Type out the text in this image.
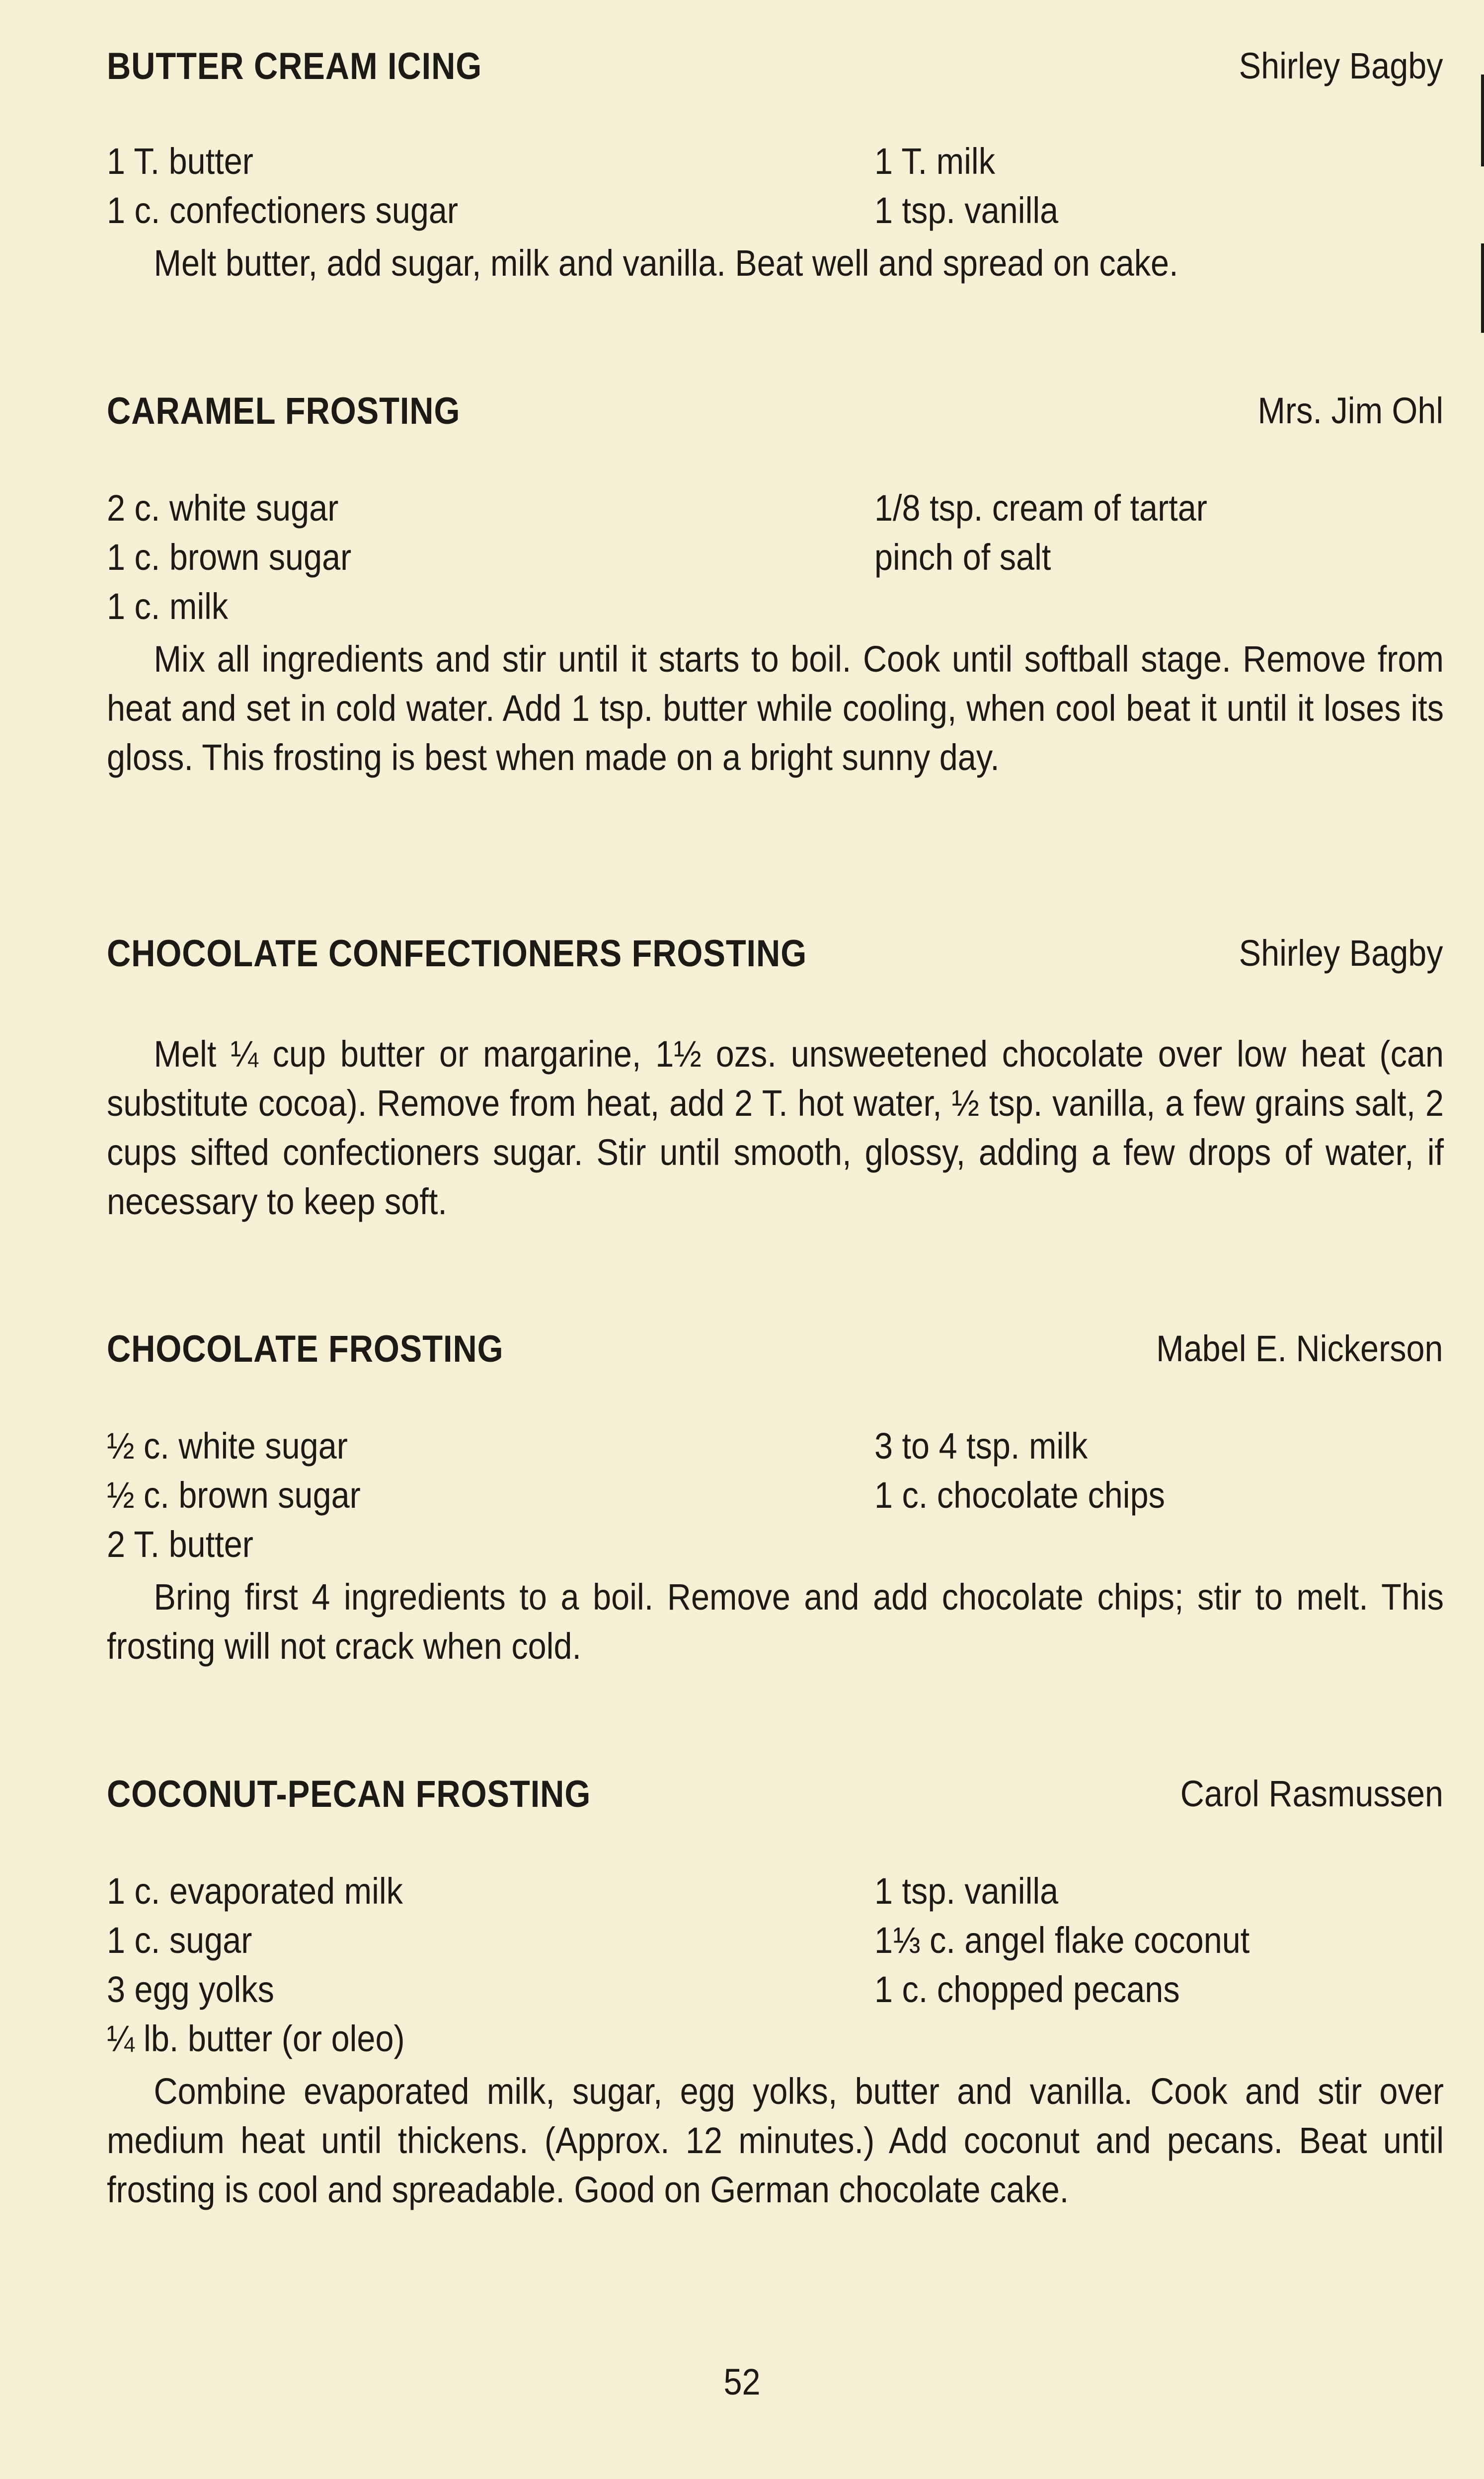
BUTTER CREAM ICING	Shirley Bagby
1 T. butter	1 T. milk
1 c. confectioners sugar	1 tsp. vanilla

Melt butter, add sugar, milk and vanilla. Beat well and spread on cake.

CARAMEL FROSTING	Mrs. Jim Ohl
2 c. white sugar	1/8 tsp. cream of tartar
1 c. brown sugar	pinch of salt
1 c. milk

Mix all ingredients and stir until it starts to boil. Cook until softball stage. Remove from heat and set in cold water. Add 1 tsp. butter while cooling, when cool beat it until it loses its gloss. This frosting is best when made on a bright sunny day.

CHOCOLATE CONFECTIONERS FROSTING	Shirley Bagby

Melt ¼ cup butter or margarine, 1½ ozs. unsweetened chocolate over low heat (can substitute cocoa). Remove from heat, add 2 T. hot water, ½ tsp. vanilla, a few grains salt, 2 cups sifted confectioners sugar. Stir until smooth, glossy, adding a few drops of water, if necessary to keep soft.

CHOCOLATE FROSTING	Mabel E. Nickerson
½ c. white sugar	3 to 4 tsp. milk
½ c. brown sugar	1 c. chocolate chips
2 T. butter

Bring first 4 ingredients to a boil. Remove and add chocolate chips; stir to melt. This frosting will not crack when cold.

COCONUT-PECAN FROSTING	Carol Rasmussen
1 c. evaporated milk	1 tsp. vanilla
1 c. sugar	1⅓ c. angel flake coconut
3 egg yolks	1 c. chopped pecans
¼ lb. butter (or oleo)

Combine evaporated milk, sugar, egg yolks, butter and vanilla. Cook and stir over medium heat until thickens. (Approx. 12 minutes.) Add coconut and pecans. Beat until frosting is cool and spreadable. Good on German chocolate cake.

52
